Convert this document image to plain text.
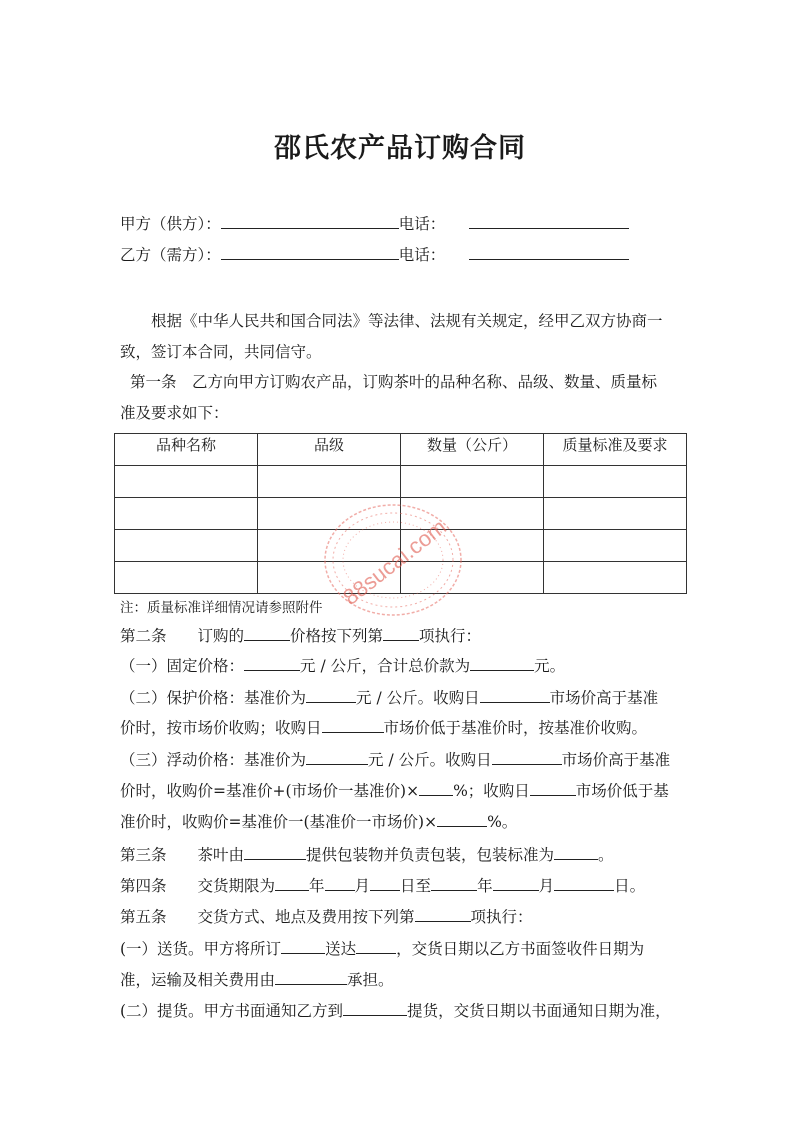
邵氏农产品订购合同
甲方（供方）：	电话：
乙方（需方）：	电话：
根据《中华人民共和国合同法》等法律、法规有关规定，经甲乙双方协商一
致，签订本合同，共同信守。
第一条　乙方向甲方订购农产品，订购茶叶的品种名称、品级、数量、质量标
准及要求如下：
品种名称	品级	数量（公斤）	质量标准及要求

注：质量标准详细情况请参照附件 88sucai.com
第二条　　订购的	价格按下列第 项执行：
（一）固定价格：	元 / 公斤，合计总价款为	元。
（二）保护价格：基准价为	元 / 公斤。收购日	市场价高于基准
价时，按市场价收购；收购日	市场价低于基准价时，按基准价收购。
（三）浮动价格：基准价为	元 / 公斤。收购日	市场价高于基准
价时，收购价=基准价+(市场价一基准价)× %；收购日	市场价低于基
准价时，收购价=基准价一(基准价一市场价)×	%。
第三条　　茶叶由	提供包装物并负责包装，包装标准为	。
第四条　　交货期限为 年 月 日至	年	月	日。
第五条　　交货方式、地点及费用按下列第	项执行：
(一）送货。甲方将所订	送达	，交货日期以乙方书面签收件日期为
准，运输及相关费用由	承担。
(二）提货。甲方书面通知乙方到	提货，交货日期以书面通知日期为准，
